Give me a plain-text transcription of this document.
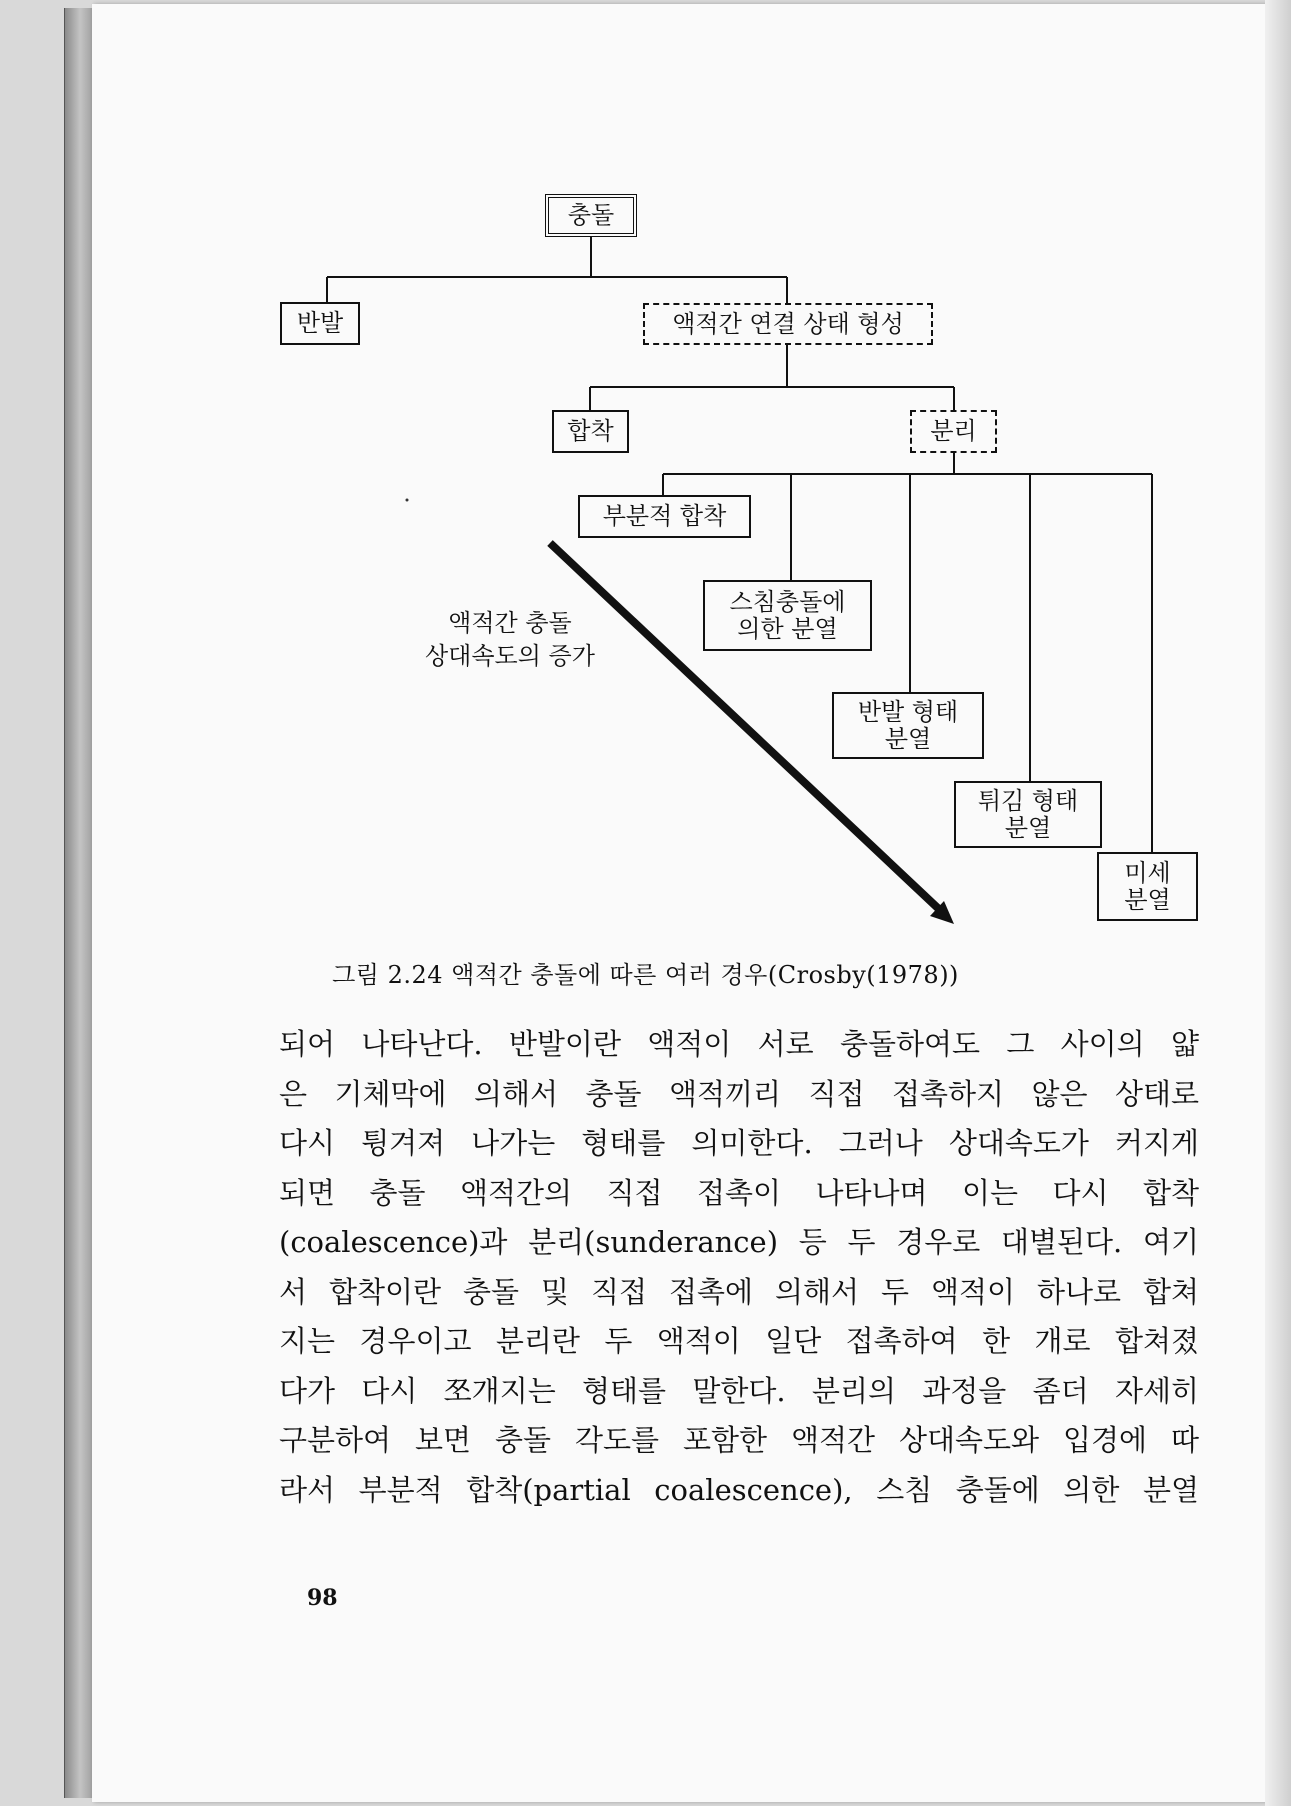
충돌
반발	액적간 연결 상태 형성
합착	분리
부분적 합착
스침충돌에
의한 분열
반발 형태
분열
튀김 형태
분열
미세
분열
액적간 충돌
상대속도의 증가
그림 2.24 액적간 충돌에 따른 여러 경우(Crosby(1978))
되어 나타난다. 반발이란 액적이 서로 충돌하여도 그 사이의 얇
은 기체막에 의해서 충돌 액적끼리 직접 접촉하지 않은 상태로
다시 튕겨져 나가는 형태를 의미한다. 그러나 상대속도가 커지게
되면 충돌 액적간의 직접 접촉이 나타나며 이는 다시 합착
(coalescence)과 분리(sunderance) 등 두 경우로 대별된다. 여기
서 합착이란 충돌 및 직접 접촉에 의해서 두 액적이 하나로 합쳐
지는 경우이고 분리란 두 액적이 일단 접촉하여 한 개로 합쳐졌
다가 다시 쪼개지는 형태를 말한다. 분리의 과정을 좀더 자세히
구분하여 보면 충돌 각도를 포함한 액적간 상대속도와 입경에 따
라서 부분적 합착(partial coalescence), 스침 충돌에 의한 분열
98
